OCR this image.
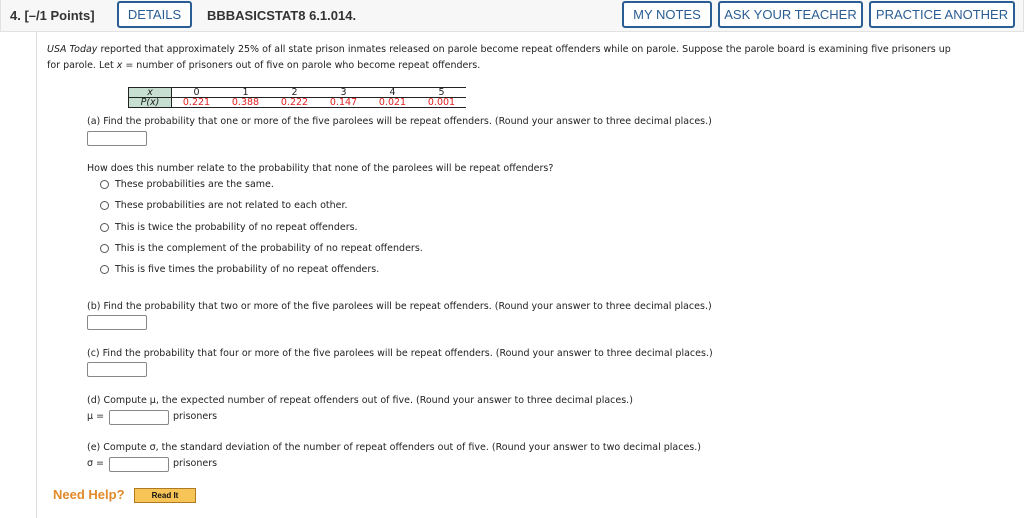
4. [–/1 Points]	DETAILS	BBBASICSTAT8 6.1.014.	MY NOTES	ASK YOUR TEACHER	PRACTICE ANOTHER
USA Today reported that approximately 25% of all state prison inmates released on parole become repeat offenders while on parole. Suppose the parole board is examining five prisoners up
for parole. Let x = number of prisoners out of five on parole who become repeat offenders.
x	0	1	2	3	4	5
P(x)	0.221	0.388	0.222	0.147	0.021	0.001
(a) Find the probability that one or more of the five parolees will be repeat offenders. (Round your answer to three decimal places.)
How does this number relate to the probability that none of the parolees will be repeat offenders?
These probabilities are the same.
These probabilities are not related to each other.
This is twice the probability of no repeat offenders.
This is the complement of the probability of no repeat offenders.
This is five times the probability of no repeat offenders.
(b) Find the probability that two or more of the five parolees will be repeat offenders. (Round your answer to three decimal places.)
(c) Find the probability that four or more of the five parolees will be repeat offenders. (Round your answer to three decimal places.)
(d) Compute μ, the expected number of repeat offenders out of five. (Round your answer to three decimal places.)
μ =	prisoners
(e) Compute σ, the standard deviation of the number of repeat offenders out of five. (Round your answer to two decimal places.)
σ =	prisoners
Need Help?	Read It
